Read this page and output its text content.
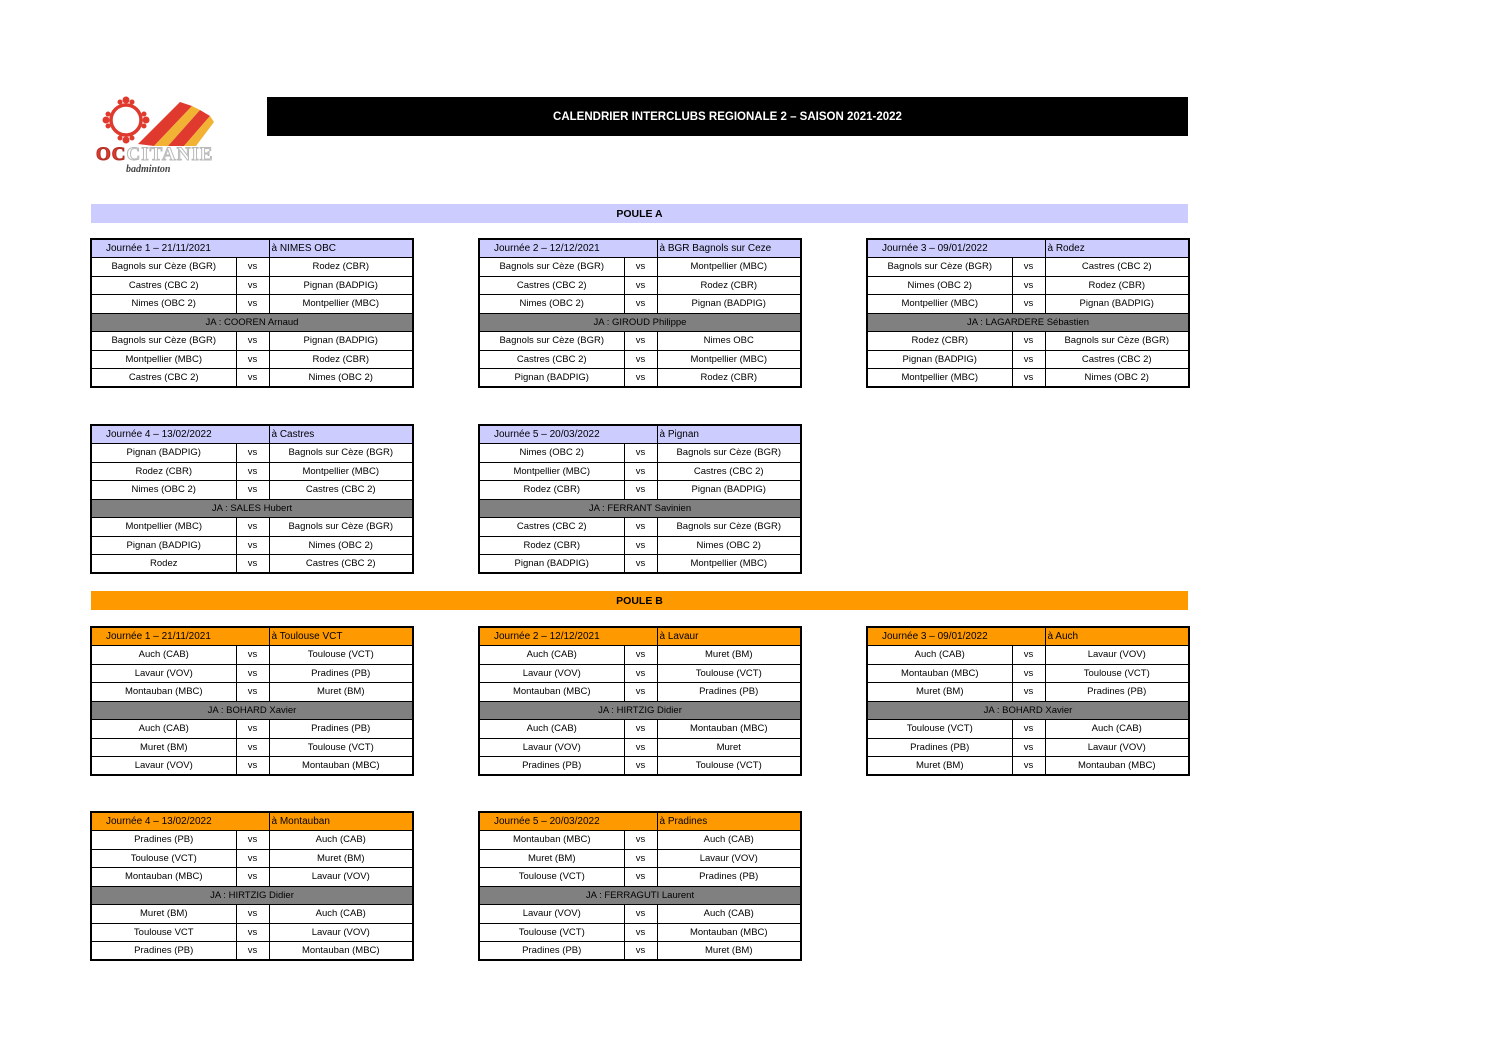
OCCITANIE
badminton
CALENDRIER INTERCLUBS REGIONALE 2 – SAISON 2021-2022
POULE A
POULE B
Journée 1 – 21/11/2021		à NIMES OBC
Bagnols sur Cèze (BGR)	vs	Rodez (CBR)
Castres (CBC 2)	vs	Pignan (BADPIG)
Nimes (OBC 2)	vs	Montpellier (MBC)
JA : COOREN Arnaud		
Bagnols sur Cèze (BGR)	vs	Pignan (BADPIG)
Montpellier (MBC)	vs	Rodez (CBR)
Castres (CBC 2)	vs	Nimes (OBC 2)
Journée 2 – 12/12/2021		à BGR Bagnols sur Ceze
Bagnols sur Cèze (BGR)	vs	Montpellier (MBC)
Castres (CBC 2)	vs	Rodez (CBR)
Nimes (OBC 2)	vs	Pignan (BADPIG)
JA : GIROUD Philippe		
Bagnols sur Cèze (BGR)	vs	Nimes OBC
Castres (CBC 2)	vs	Montpellier (MBC)
Pignan (BADPIG)	vs	Rodez (CBR)
Journée 3 – 09/01/2022		à Rodez
Bagnols sur Cèze (BGR)	vs	Castres (CBC 2)
Nimes (OBC 2)	vs	Rodez (CBR)
Montpellier (MBC)	vs	Pignan (BADPIG)
JA : LAGARDERE Sébastien		
Rodez (CBR)	vs	Bagnols sur Cèze (BGR)
Pignan (BADPIG)	vs	Castres (CBC 2)
Montpellier (MBC)	vs	Nimes (OBC 2)
Journée 4 – 13/02/2022		à Castres
Pignan (BADPIG)	vs	Bagnols sur Cèze (BGR)
Rodez (CBR)	vs	Montpellier (MBC)
Nimes (OBC 2)	vs	Castres (CBC 2)
JA : SALES Hubert		
Montpellier (MBC)	vs	Bagnols sur Cèze (BGR)
Pignan (BADPIG)	vs	Nimes (OBC 2)
Rodez	vs	Castres (CBC 2)
Journée 5 – 20/03/2022		à Pignan
Nimes (OBC 2)	vs	Bagnols sur Cèze (BGR)
Montpellier (MBC)	vs	Castres (CBC 2)
Rodez (CBR)	vs	Pignan (BADPIG)
JA : FERRANT Savinien		
Castres (CBC 2)	vs	Bagnols sur Cèze (BGR)
Rodez (CBR)	vs	Nimes (OBC 2)
Pignan (BADPIG)	vs	Montpellier (MBC)
Journée 1 – 21/11/2021		à Toulouse VCT
Auch (CAB)	vs	Toulouse (VCT)
Lavaur (VOV)	vs	Pradines (PB)
Montauban (MBC)	vs	Muret (BM)
JA : BOHARD Xavier		
Auch (CAB)	vs	Pradines (PB)
Muret (BM)	vs	Toulouse (VCT)
Lavaur (VOV)	vs	Montauban (MBC)
Journée 2 – 12/12/2021		à Lavaur
Auch (CAB)	vs	Muret (BM)
Lavaur (VOV)	vs	Toulouse (VCT)
Montauban (MBC)	vs	Pradines (PB)
JA : HIRTZIG Didier		
Auch (CAB)	vs	Montauban (MBC)
Lavaur (VOV)	vs	Muret
Pradines (PB)	vs	Toulouse (VCT)
Journée 3 – 09/01/2022		à Auch
Auch (CAB)	vs	Lavaur (VOV)
Montauban (MBC)	vs	Toulouse (VCT)
Muret (BM)	vs	Pradines (PB)
JA : BOHARD Xavier		
Toulouse (VCT)	vs	Auch (CAB)
Pradines (PB)	vs	Lavaur (VOV)
Muret (BM)	vs	Montauban (MBC)
Journée 4 – 13/02/2022		à Montauban
Pradines (PB)	vs	Auch (CAB)
Toulouse (VCT)	vs	Muret (BM)
Montauban (MBC)	vs	Lavaur (VOV)
JA : HIRTZIG Didier		
Muret (BM)	vs	Auch (CAB)
Toulouse VCT	vs	Lavaur (VOV)
Pradines (PB)	vs	Montauban (MBC)
Journée 5 – 20/03/2022		à Pradines
Montauban (MBC)	vs	Auch (CAB)
Muret (BM)	vs	Lavaur (VOV)
Toulouse (VCT)	vs	Pradines (PB)
JA : FERRAGUTI Laurent		
Lavaur (VOV)	vs	Auch (CAB)
Toulouse (VCT)	vs	Montauban (MBC)
Pradines (PB)	vs	Muret (BM)
